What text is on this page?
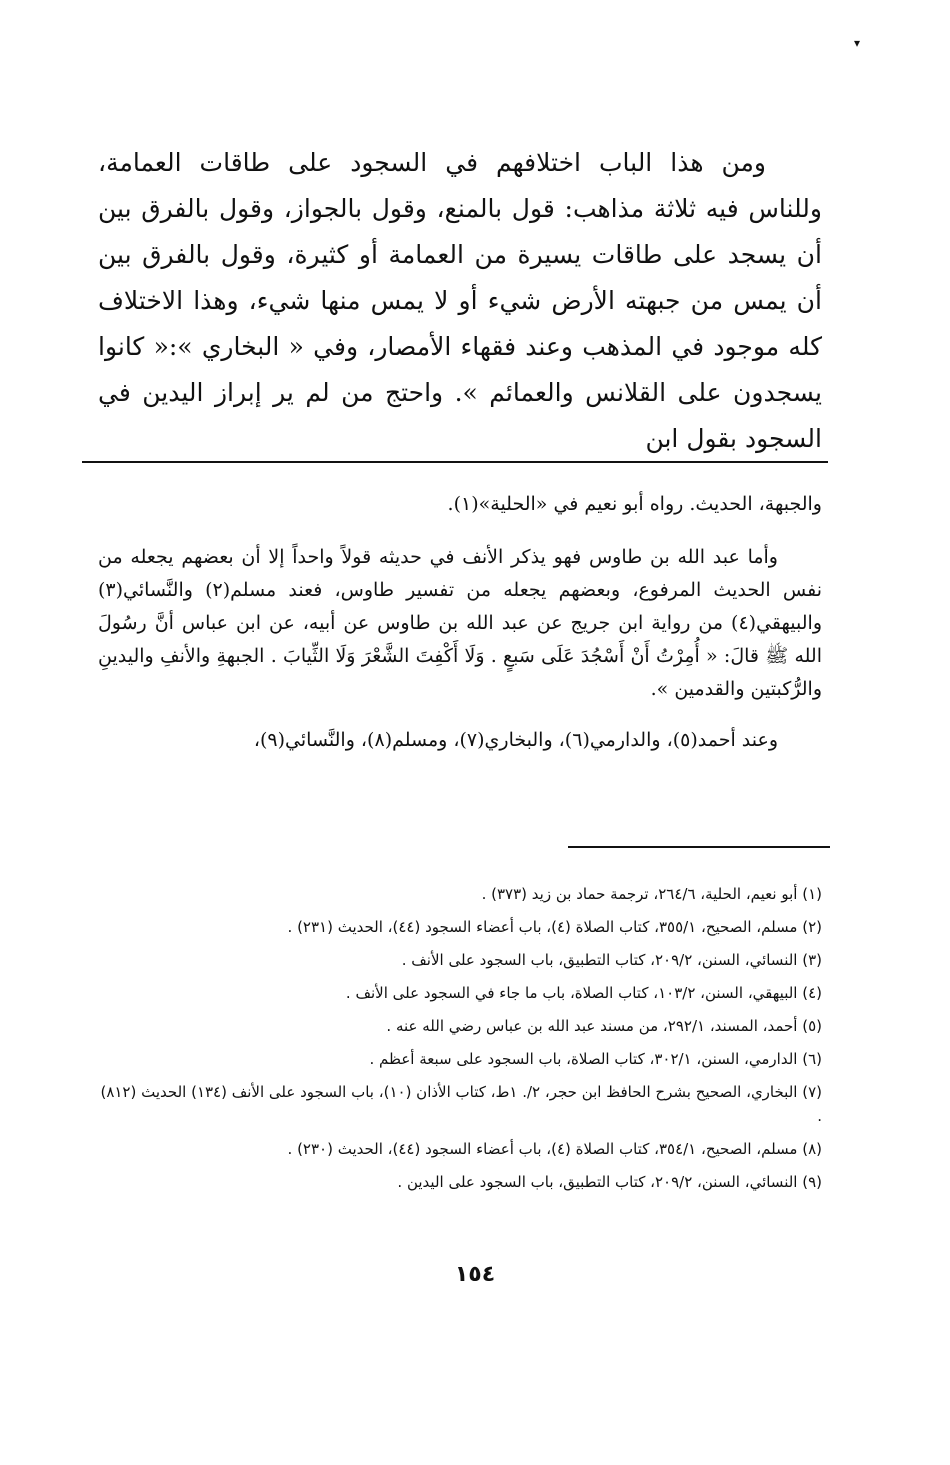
▾

ومن هذا الباب اختلافهم في السجود على طاقات العمامة، وللناس فيه ثلاثة مذاهب: قول بالمنع، وقول بالجواز، وقول بالفرق بين أن يسجد على طاقات يسيرة من العمامة أو كثيرة، وقول بالفرق بين أن يمس من جبهته الأرض شيء أو لا يمس منها شيء، وهذا الاختلاف كله موجود في المذهب وعند فقهاء الأمصار، وفي « البخاري »:« كانوا يسجدون على القلانس والعمائم ». واحتج من لم ير إبراز اليدين في السجود بقول ابن

والجبهة، الحديث. رواه أبو نعيم في «الحلية»(١).

وأما عبد الله بن طاوس فهو يذكر الأنف في حديثه قولاً واحداً إلا أن بعضهم يجعله من نفس الحديث المرفوع، وبعضهم يجعله من تفسير طاوس، فعند مسلم(٢) والنَّسائي(٣) والبيهقي(٤) من رواية ابن جريج عن عبد الله بن طاوس عن أبيه، عن ابن عباس أنَّ رسُولَ الله ﷺ قالَ: « أُمِرْتُ أَنْ أَسْجُدَ عَلَى سَبعٍ . وَلَا أَكْفِتَ الشَّعْرَ وَلَا الثِّيابَ . الجبهةِ والأنفِ واليدينِ والرُّكبتين والقدمين ».

وعند أحمد(٥)، والدارمي(٦)، والبخاري(٧)، ومسلم(٨)، والنَّسائي(٩)،

(١) أبو نعيم، الحلية، ٢٦٤/٦، ترجمة حماد بن زيد (٣٧٣) .

(٢) مسلم، الصحيح، ٣٥٥/١، كتاب الصلاة (٤)، باب أعضاء السجود (٤٤)، الحديث (٢٣١) .

(٣) النسائي، السنن، ٢٠٩/٢، كتاب التطبيق، باب السجود على الأنف .

(٤) البيهقي، السنن، ١٠٣/٢، كتاب الصلاة، باب ما جاء في السجود على الأنف .

(٥) أحمد، المسند، ٢٩٢/١، من مسند عبد الله بن عباس رضي الله عنه .

(٦) الدارمي، السنن، ٣٠٢/١، كتاب الصلاة، باب السجود على سبعة أعظم .

(٧) البخاري، الصحيح بشرح الحافظ ابن حجر، ٢/. ١ط، كتاب الأذان (١٠)، باب السجود على الأنف (١٣٤) الحديث (٨١٢) .

(٨) مسلم، الصحيح، ٣٥٤/١، كتاب الصلاة (٤)، باب أعضاء السجود (٤٤)، الحديث (٢٣٠) .

(٩) النسائي، السنن، ٢٠٩/٢، كتاب التطبيق، باب السجود على اليدين .

١٥٤
